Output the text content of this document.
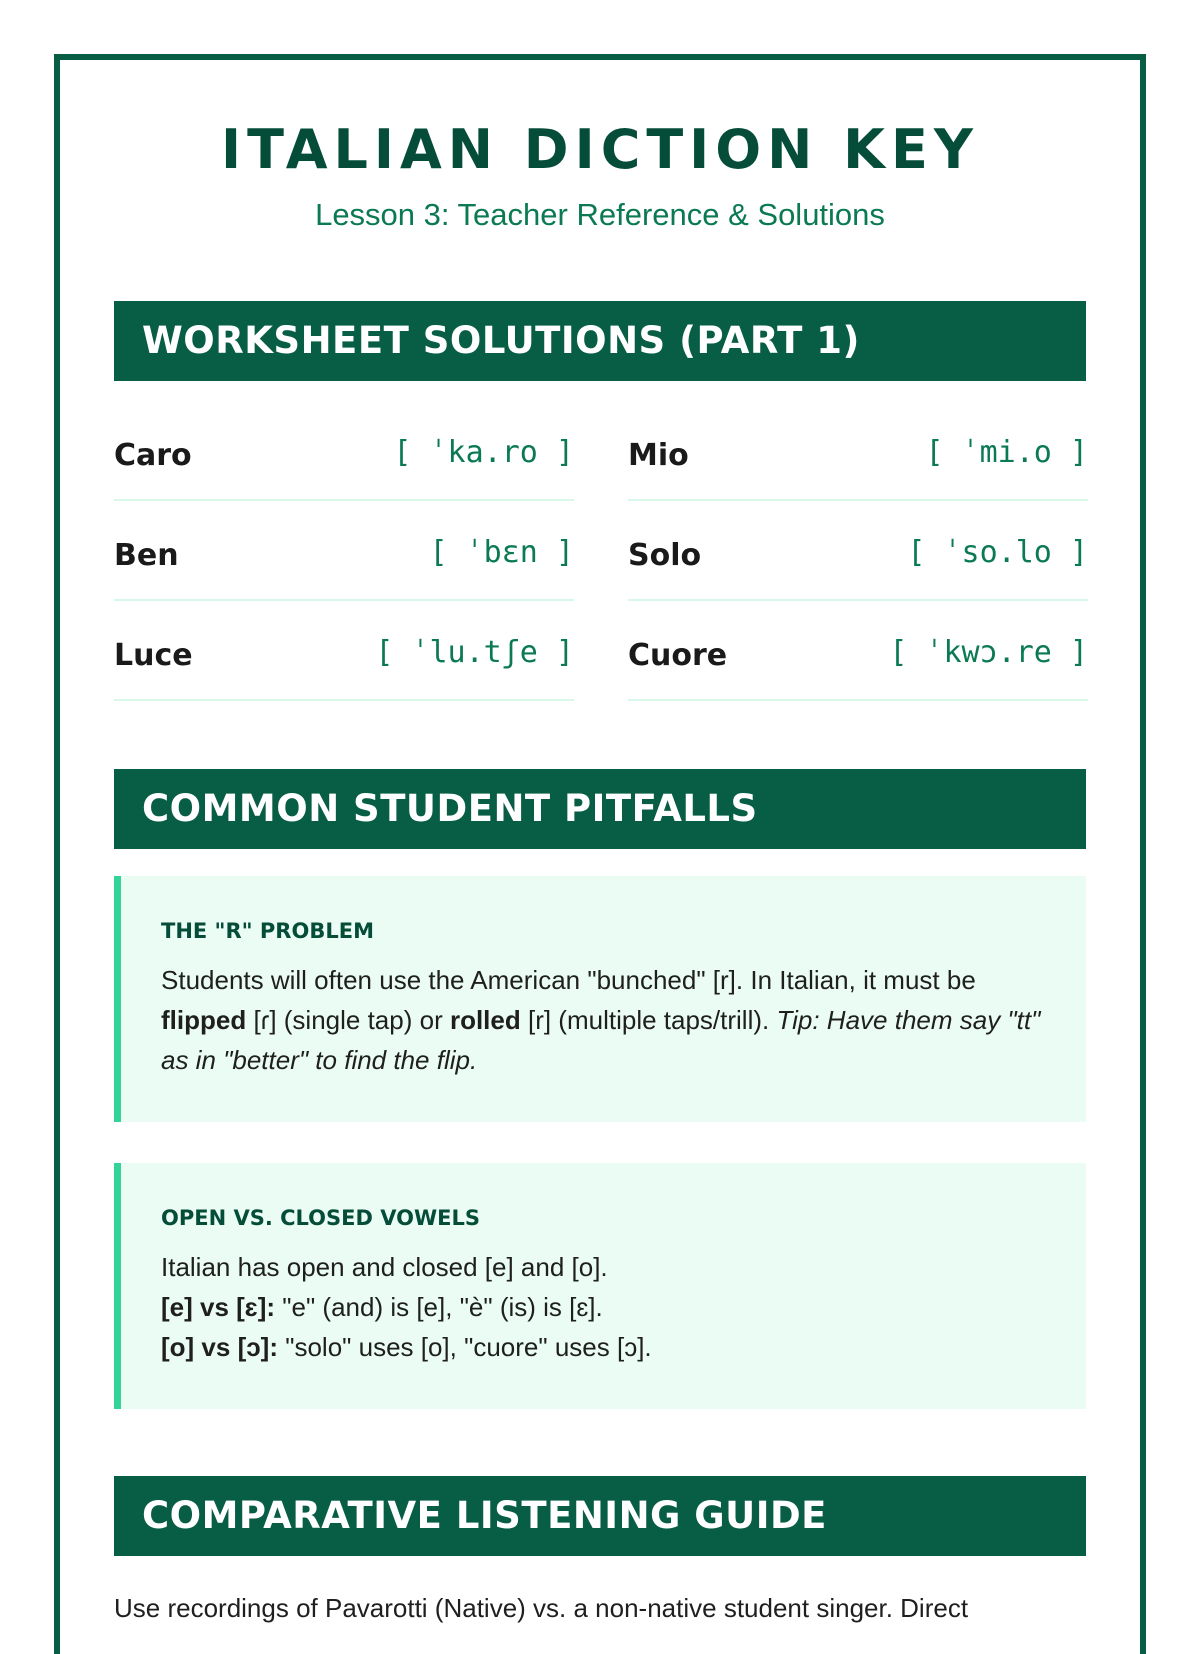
ITALIAN DICTION KEY
Lesson 3: Teacher Reference & Solutions
WORKSHEET SOLUTIONS (PART 1)
Caro	[ ˈka.ro ] Mio	[ ˈmi.o ]
Ben	[ ˈbɛn ] Solo	[ ˈso.lo ]
Luce	[ ˈlu.tʃe ] Cuore	[ ˈkwɔ.re ]
COMMON STUDENT PITFALLS
THE "R" PROBLEM

Students will often use the American "bunched" [r]. In Italian, it must be flipped [ɾ] (single tap) or rolled [r] (multiple taps/trill). Tip: Have them say "tt" as in "better" to find the flip.

OPEN VS. CLOSED VOWELS

Italian has open and closed [e] and [o].
[e] vs [ɛ]: "e" (and) is [e], "è" (is) is [ɛ].
[o] vs [ɔ]: "solo" uses [o], "cuore" uses [ɔ].

COMPARATIVE LISTENING GUIDE
Use recordings of Pavarotti (Native) vs. a non-native student singer. Direct
